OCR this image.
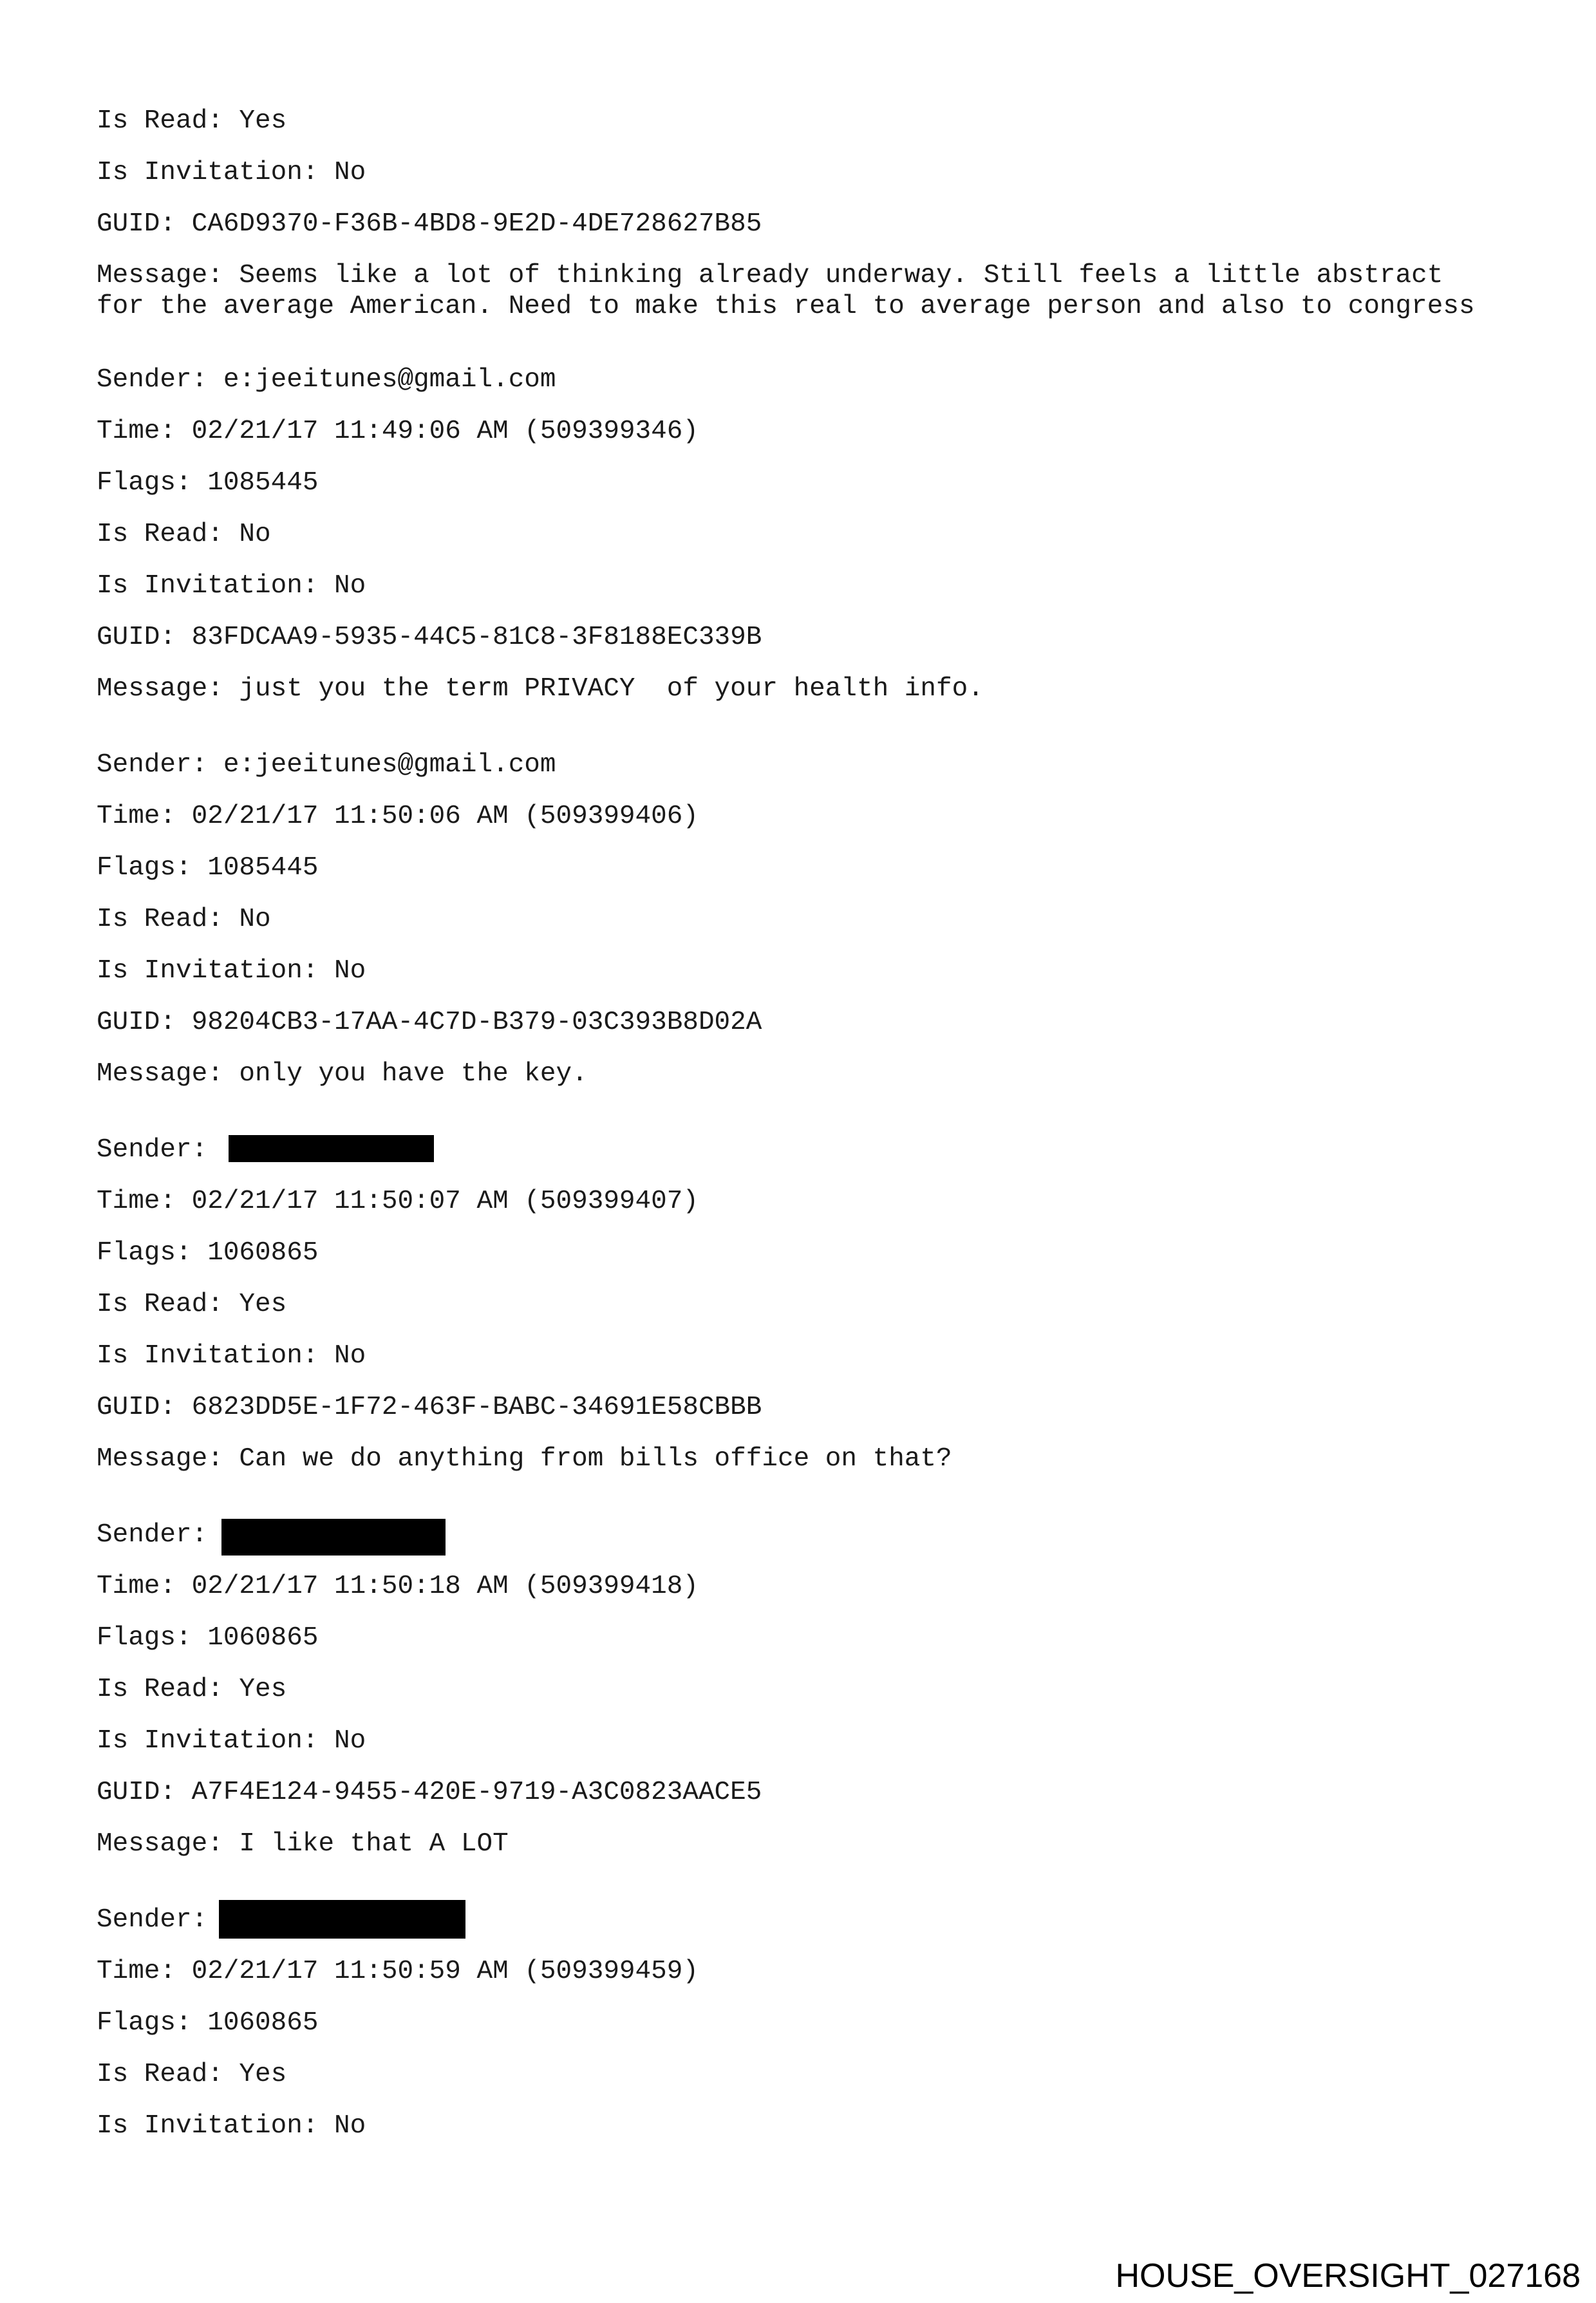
Is Read: Yes
Is Invitation: No
GUID: CA6D9370-F36B-4BD8-9E2D-4DE728627B85
Message: Seems like a lot of thinking already underway. Still feels a little abstract
for the average American. Need to make this real to average person and also to congress
Sender: e:jeeitunes@gmail.com
Time: 02/21/17 11:49:06 AM (509399346)
Flags: 1085445
Is Read: No
Is Invitation: No
GUID: 83FDCAA9-5935-44C5-81C8-3F8188EC339B
Message: just you the term PRIVACY  of your health info.
Sender: e:jeeitunes@gmail.com
Time: 02/21/17 11:50:06 AM (509399406)
Flags: 1085445
Is Read: No
Is Invitation: No
GUID: 98204CB3-17AA-4C7D-B379-03C393B8D02A
Message: only you have the key.
Sender:
Time: 02/21/17 11:50:07 AM (509399407)
Flags: 1060865
Is Read: Yes
Is Invitation: No
GUID: 6823DD5E-1F72-463F-BABC-34691E58CBBB
Message: Can we do anything from bills office on that?
Sender:
Time: 02/21/17 11:50:18 AM (509399418)
Flags: 1060865
Is Read: Yes
Is Invitation: No
GUID: A7F4E124-9455-420E-9719-A3C0823AACE5
Message: I like that A LOT
Sender:
Time: 02/21/17 11:50:59 AM (509399459)
Flags: 1060865
Is Read: Yes
Is Invitation: No
HOUSE_OVERSIGHT_027168
